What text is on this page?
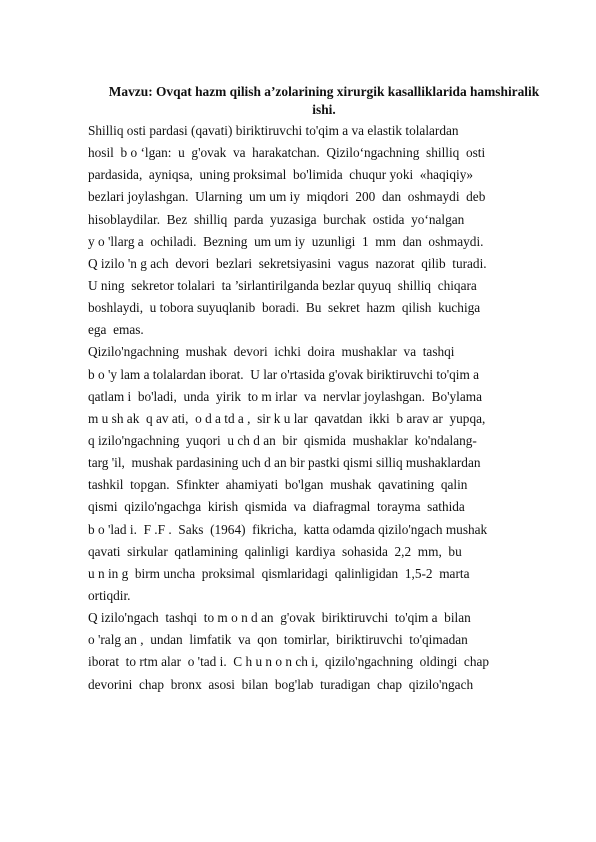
Mavzu: Ovqat hazm qilish a’zolarining xirurgik kasalliklarida hamshiralik
ishi.
Shilliq osti pardasi (qavati) biriktiruvchi to'qim a va elastik tolalardan
hosil  b o ‘lgan:  u  g'ovak  va  harakatchan.  Qizilo‘ngachning  shilliq  osti
pardasida,  ayniqsa,  uning proksimal  bo'limida  chuqur yoki  «haqiqiy»
bezlari joylashgan.  Ularning  um um iy  miqdori  200  dan  oshmaydi  deb
hisoblaydilar.  Bez  shilliq  parda  yuzasiga  burchak  ostida  yo‘nalgan
y o 'llarg a  ochiladi.  Bezning  um um iy  uzunligi  1  mm  dan  oshmaydi.
Q izilo 'n g ach  devori  bezlari  sekretsiyasini  vagus  nazorat  qilib  turadi.
U ning  sekretor tolalari  ta ’sirlantirilganda bezlar quyuq  shilliq  chiqara
boshlaydi,  u tobora suyuqlanib  boradi.  Bu  sekret  hazm  qilish  kuchiga
ega  emas.
Qizilo'ngachning  mushak  devori  ichki  doira  mushaklar  va  tashqi
b o 'y lam a tolalardan iborat.  U lar o'rtasida g'ovak biriktiruvchi to'qim a
qatlam i  bo'ladi,  unda  yirik  to m irlar  va  nervlar joylashgan.  Bo'ylama
m u sh ak  q av ati,  o d a td a ,  sir k u lar  qavatdan  ikki  b arav ar  yupqa,
q izilo'ngachning  yuqori  u ch d an  bir  qismida  mushaklar  ko'ndalang-
targ 'il,  mushak pardasining uch d an bir pastki qismi silliq mushaklardan
tashkil  topgan.  Sfinkter  ahamiyati  bo'lgan  mushak  qavatining  qalin
qismi  qizilo'ngachga  kirish  qismida  va  diafragmal  torayma  sathida
b o 'lad i.  F .F .  Saks  (1964)  fikricha,  katta odamda qizilo'ngach mushak
qavati  sirkular  qatlamining  qalinligi  kardiya  sohasida  2,2  mm,  bu
u n in g  birm uncha  proksimal  qismlaridagi  qalinligidan  1,5-2  marta
ortiqdir.
Q izilo'ngach  tashqi  to m o n d an  g'ovak  biriktiruvchi  to'qim a  bilan
o 'ralg an ,  undan  limfatik  va  qon  tomirlar,  biriktiruvchi  to'qimadan
iborat  to rtm alar  o 'tad i.  C h u n o n ch i,  qizilo'ngachning  oldingi  chap
devorini  chap  bronx  asosi  bilan  bog'lab  turadigan  chap  qizilo'ngach
